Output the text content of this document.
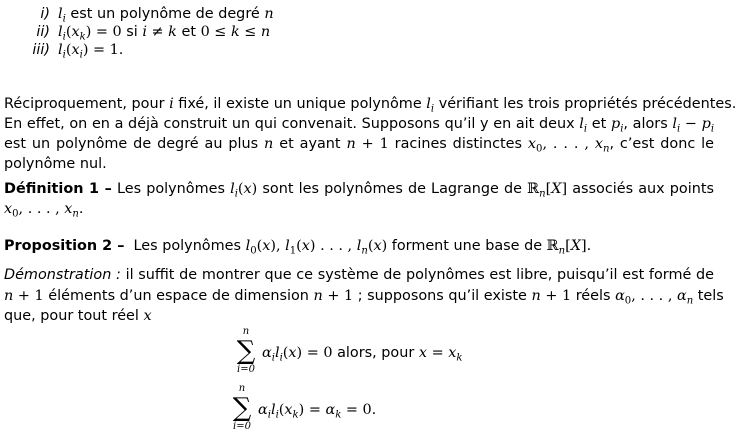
i) $l_i$ est un polynôme de degré n
ii) $l_i(x_k) = 0$ si i ≠ k et 0 ≤ k ≤ n
iii) $l_i(x_i) = 1$.
Réciproquement, pour i fixé, il existe un unique polynôme $l_i$ vérifiant les trois propriétés précédentes.
En effet, on en a déjà construit un qui convenait. Supposons qu’il y en ait deux $l_i$ et $p_i$, alors $l_i - p_i$
est un polynôme de degré au plus n et ayant n + 1 racines distinctes $x_0$, . . . , $x_n$, c’est donc le
polynôme nul.
Définition 1 – Les polynômes $l_i(x)$ sont les polynômes de Lagrange de ℝ$_n$[X] associés aux points
$x_0$, . . . , $x_n$.
Proposition 2 – Les polynômes $l_0(x)$, $l_1(x)$ . . . , $l_n(x)$ forment une base de ℝ$_n$[X].
Démonstration : il suffit de montrer que ce système de polynômes est libre, puisqu’il est formé de
n + 1 éléments d’un espace de dimension n + 1 ; supposons qu’il existe n + 1 réels $\alpha_0$, . . . , $\alpha_n$ tels
que, pour tout réel x
n
∑
i=0
$\alpha_il_i(x) = 0$ alors, pour $x = x_k$
n
∑
i=0
$\alpha_il_i(x_k) = \alpha_k = 0$.
